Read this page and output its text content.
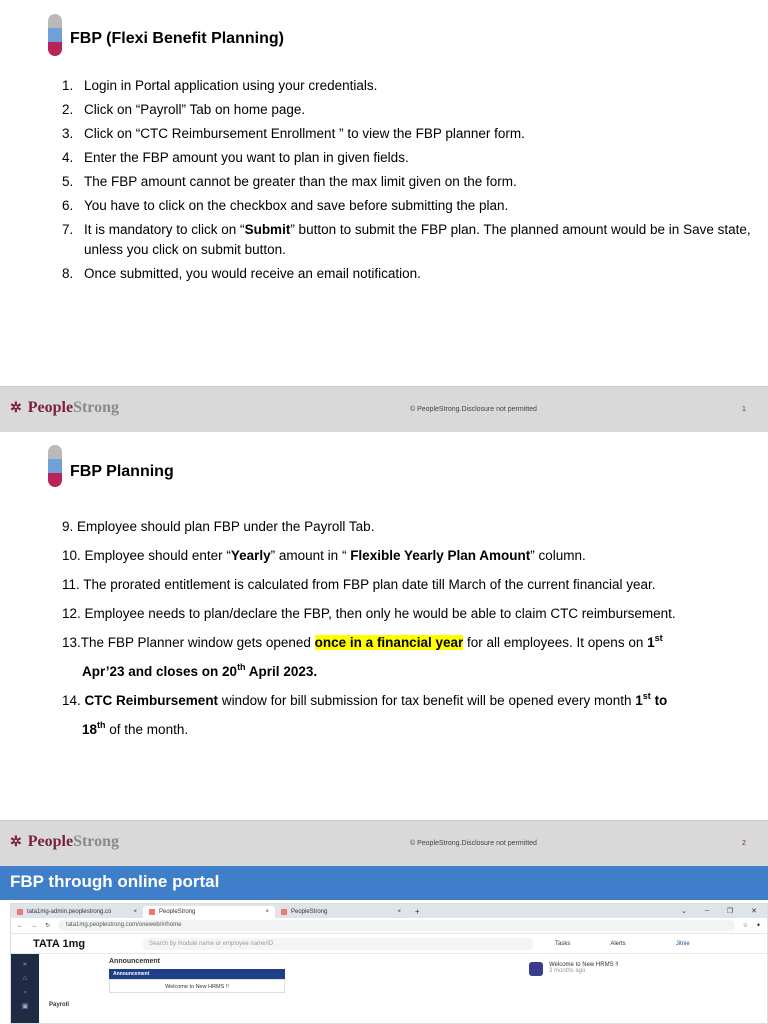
FBP (Flexi Benefit Planning)
1. Login in Portal application using your credentials.
2. Click on “Payroll” Tab on home page.
3. Click on “CTC Reimbursement Enrollment ” to view the FBP planner form.
4. Enter the FBP amount you want to plan in given fields.
5. The FBP amount cannot be greater than the max limit given on the form.
6. You have to click on the checkbox and save before submitting the plan.
7. It is mandatory to click on “Submit” button to submit the FBP plan. The planned amount would be in Save state, unless you click on submit button.
8. Once submitted, you would receive an email notification.
✲ People Strong	© PeopleStrong.Disclosure not permitted	1
FBP Planning
9. Employee should plan FBP under the Payroll Tab.
10. Employee should enter “Yearly” amount in “ Flexible Yearly Plan Amount” column.
11. The prorated entitlement is calculated from FBP plan date till March of the current financial year.
12. Employee needs to plan/declare the FBP, then only he would be able to claim CTC reimbursement.
13.The FBP Planner window gets opened once in a financial year for all employees. It opens on 1st
Apr’23 and closes on 20th April 2023.
14. CTC Reimbursement window for bill submission for tax benefit will be opened every month 1st to
18th of the month.
✲ People Strong	© PeopleStrong.Disclosure not permitted	2
FBP through online portal
tata1mg-admin.peoplestrong.co	×	PeopleStrong	×	PeopleStrong	×	+	⌄	–	❐	✕
← → ↻	tata1mg.peoplestrong.com/oneweb/#/home	☆ ✦
TATA 1mg	Search by module name or employee name/ID	Tasks	Alerts	Jitnie
»
⌂
▫
▣
Announcement
Announcement
Welcome to New HRMS !!
Payroll
Welcome to New HRMS !!
3 months ago
